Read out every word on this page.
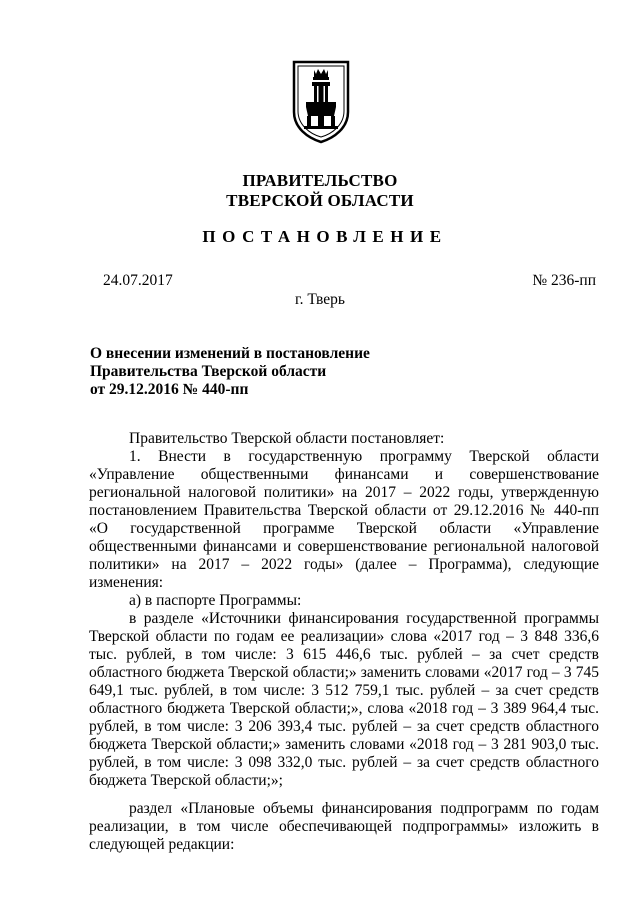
ПРАВИТЕЛЬСТВО
ТВЕРСКОЙ ОБЛАСТИ
ПОСТАНОВЛЕНИЕ
24.07.2017	№ 236-пп
г. Тверь
О внесении изменений в постановление
Правительства Тверской области
от 29.12.2016 № 440-пп

Правительство Тверской области постановляет:

1. Внести в государственную программу Тверской области «Управление общественными финансами и совершенствование региональной налоговой политики» на 2017 – 2022 годы, утвержденную постановлением Правительства Тверской области от 29.12.2016 № 440-пп «О государственной программе Тверской области «Управление общественными финансами и совершенствование региональной налоговой политики» на 2017 – 2022 годы» (далее – Программа), следующие изменения:

а) в паспорте Программы:

в разделе «Источники финансирования государственной программы Тверской области по годам ее реализации» слова «2017 год – 3 848 336,6 тыс. рублей, в том числе: 3 615 446,6 тыс. рублей – за счет средств областного бюджета Тверской области;» заменить словами «2017 год – 3 745 649,1 тыс. рублей, в том числе: 3 512 759,1 тыс. рублей – за счет средств областного бюджета Тверской области;», слова «2018 год – 3 389 964,4 тыс. рублей, в том числе: 3 206 393,4 тыс. рублей – за счет средств областного бюджета Тверской области;» заменить словами «2018 год – 3 281 903,0 тыс. рублей, в том числе: 3 098 332,0 тыс. рублей – за счет средств областного бюджета Тверской области;»;

раздел «Плановые объемы финансирования подпрограмм по годам реализации, в том числе обеспечивающей подпрограммы» изложить в следующей редакции:
